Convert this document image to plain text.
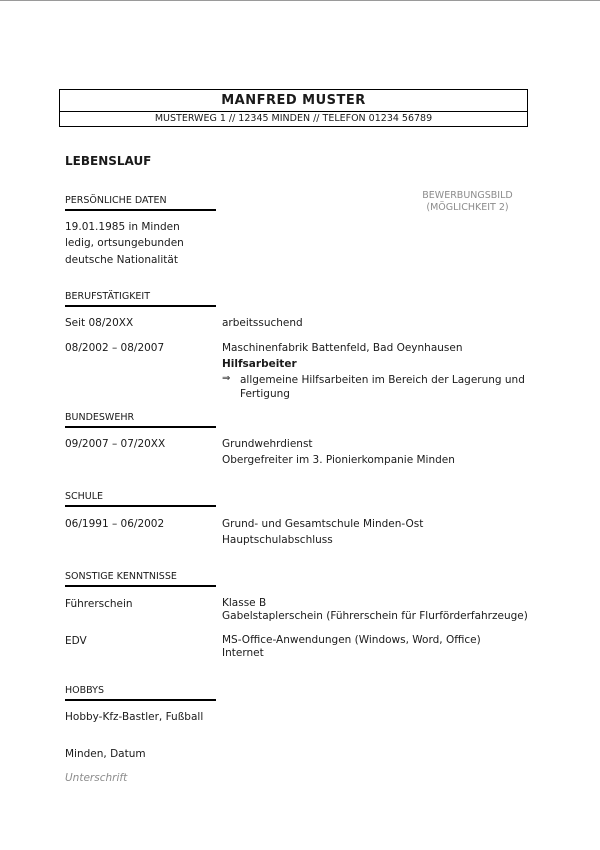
MANFRED MUSTER
MUSTERWEG 1 // 12345 MINDEN // TELEFON 01234 56789
LEBENSLAUF
BEWERBUNGSBILD
(MÖGLICHKEIT 2)
PERSÖNLICHE DATEN
19.01.1985 in Minden
ledig, ortsungebunden
deutsche Nationalität
BERUFSTÄTIGKEIT
Seit 08/20XX	arbeitssuchend
08/2002 – 08/2007	Maschinenfabrik Battenfeld, Bad Oeynhausen
Hilfsarbeiter
⇒ allgemeine Hilfsarbeiten im Bereich der Lagerung und Fertigung
BUNDESWEHR
09/2007 – 07/20XX	Grundwehrdienst
Obergefreiter im 3. Pionierkompanie Minden
SCHULE
06/1991 – 06/2002	Grund- und Gesamtschule Minden-Ost
Hauptschulabschluss
SONSTIGE KENNTNISSE
Führerschein	Klasse B
Gabelstaplerschein (Führerschein für Flurförderfahrzeuge)
EDV	MS-Office-Anwendungen (Windows, Word, Office)
Internet
HOBBYS
Hobby-Kfz-Bastler, Fußball
Minden, Datum
Unterschrift
